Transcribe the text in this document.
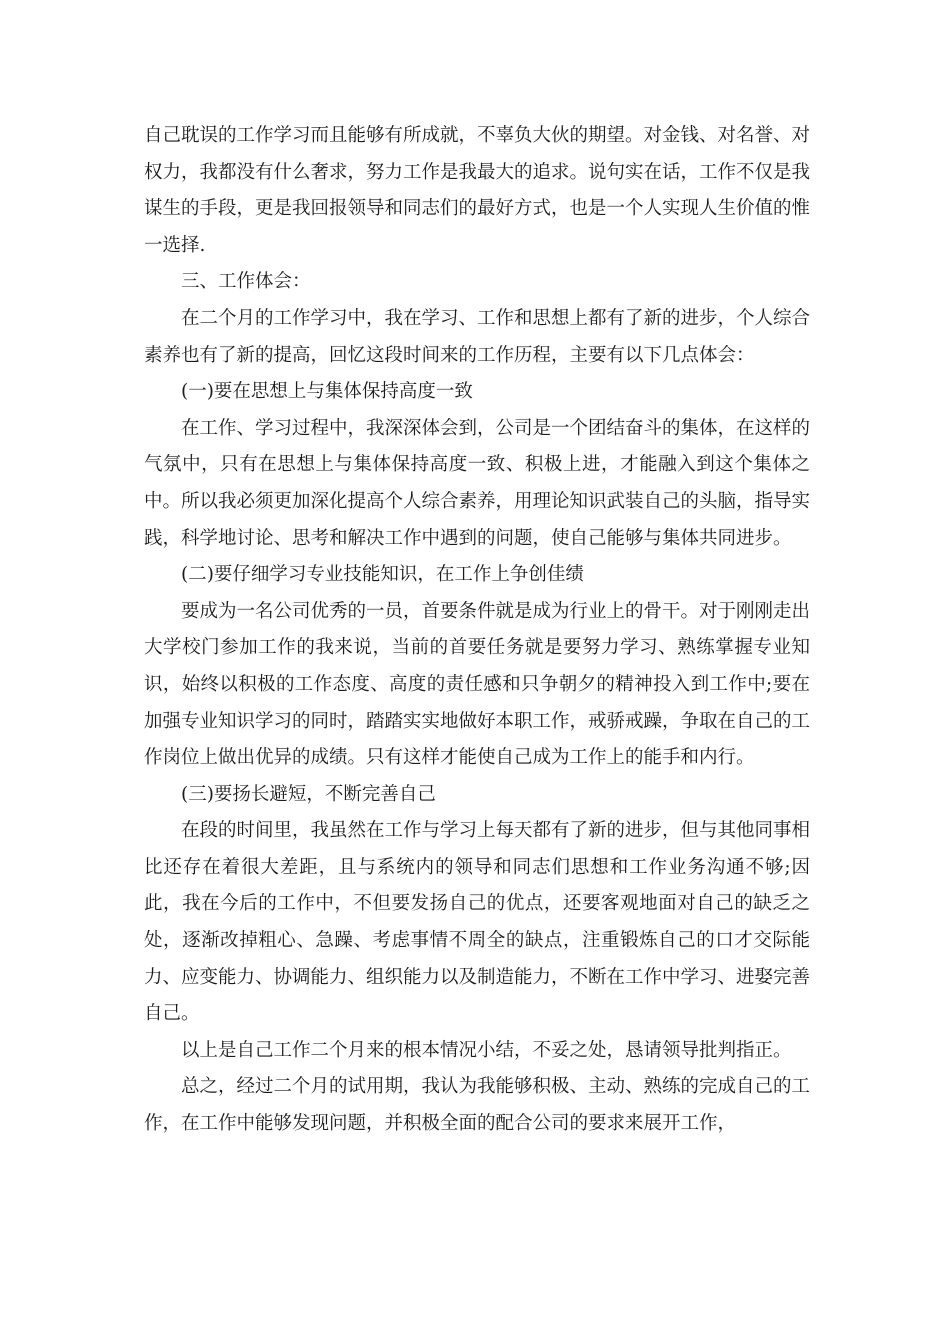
自己耽误的工作学习而且能够有所成就，不辜负大伙的期望。对金钱、对名誉、对权力，我都没有什么奢求，努力工作是我最大的追求。说句实在话，工作不仅是我谋生的手段，更是我回报领导和同志们的最好方式，也是一个人实现人生价值的惟一选择.

三、工作体会：

在二个月的工作学习中，我在学习、工作和思想上都有了新的进步，个人综合素养也有了新的提高，回忆这段时间来的工作历程，主要有以下几点体会：

(一)要在思想上与集体保持高度一致

在工作、学习过程中，我深深体会到，公司是一个团结奋斗的集体，在这样的气氛中，只有在思想上与集体保持高度一致、积极上进，才能融入到这个集体之中。所以我必须更加深化提高个人综合素养，用理论知识武装自己的头脑，指导实践，科学地讨论、思考和解决工作中遇到的问题，使自己能够与集体共同进步。

(二)要仔细学习专业技能知识，在工作上争创佳绩

要成为一名公司优秀的一员，首要条件就是成为行业上的骨干。对于刚刚走出大学校门参加工作的我来说，当前的首要任务就是要努力学习、熟练掌握专业知识，始终以积极的工作态度、高度的责任感和只争朝夕的精神投入到工作中;要在加强专业知识学习的同时，踏踏实实地做好本职工作，戒骄戒躁，争取在自己的工作岗位上做出优异的成绩。只有这样才能使自己成为工作上的能手和内行。

(三)要扬长避短，不断完善自己

在段的时间里，我虽然在工作与学习上每天都有了新的进步，但与其他同事相比还存在着很大差距，且与系统内的领导和同志们思想和工作业务沟通不够;因此，我在今后的工作中，不但要发扬自己的优点，还要客观地面对自己的缺乏之处，逐渐改掉粗心、急躁、考虑事情不周全的缺点，注重锻炼自己的口才交际能力、应变能力、协调能力、组织能力以及制造能力，不断在工作中学习、进娶完善自己。

以上是自己工作二个月来的根本情况小结，不妥之处，恳请领导批判指正。

总之，经过二个月的试用期，我认为我能够积极、主动、熟练的完成自己的工作，在工作中能够发现问题，并积极全面的配合公司的要求来展开工作，
